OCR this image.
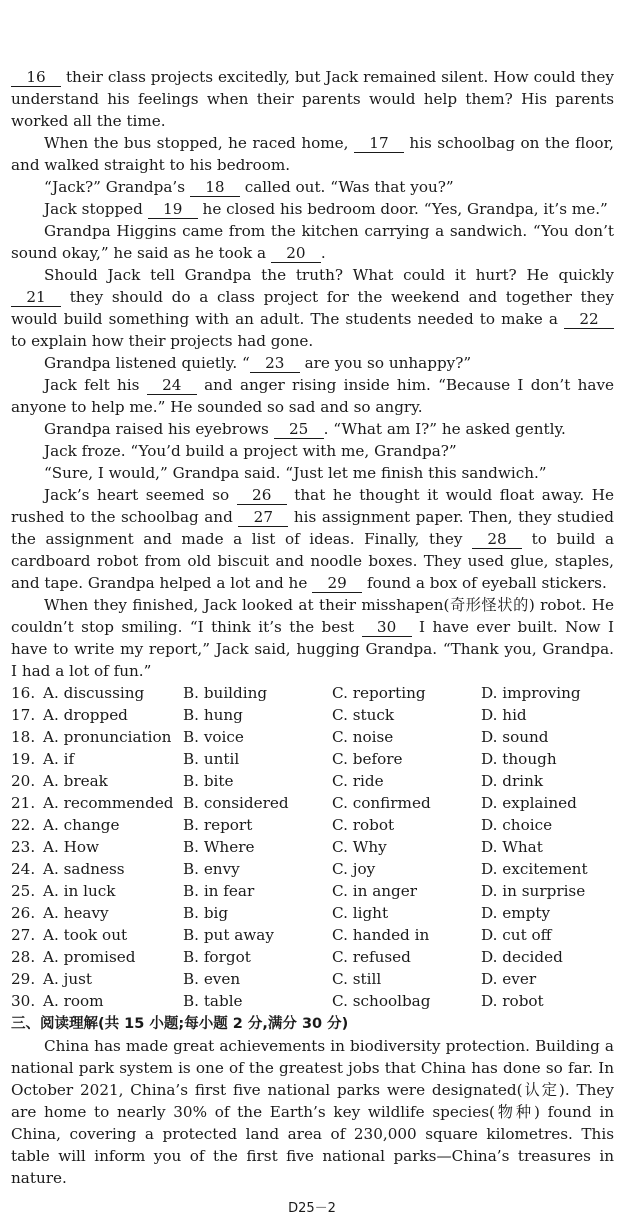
16 their class projects excitedly, but Jack remained silent. How could they understand his feelings when their parents would help them? His parents worked all the time.

When the bus stopped, he raced home, 17 his schoolbag on the floor, and walked straight to his bedroom.

“Jack?” Grandpa’s 18 called out. “Was that you?”

Jack stopped 19 he closed his bedroom door. “Yes, Grandpa, it’s me.”

Grandpa Higgins came from the kitchen carrying a sandwich. “You don’t sound okay,” he said as he took a 20 .

Should Jack tell Grandpa the truth? What could it hurt? He quickly 21 they should do a class project for the weekend and together they would build something with an adult. The students needed to make a 22 to explain how their projects had gone.

Grandpa listened quietly. “ 23 are you so unhappy?”

Jack felt his 24 and anger rising inside him. “Because I don’t have anyone to help me.” He sounded so sad and so angry.

Grandpa raised his eyebrows 25 . “What am I?” he asked gently.

Jack froze. “You’d build a project with me, Grandpa?”

“Sure, I would,” Grandpa said. “Just let me finish this sandwich.”

Jack’s heart seemed so 26 that he thought it would float away. He rushed to the schoolbag and 27 his assignment paper. Then, they studied the assignment and made a list of ideas. Finally, they 28 to build a cardboard robot from old biscuit and noodle boxes. They used glue, staples, and tape. Grandpa helped a lot and he 29 found a box of eyeball stickers.

When they finished, Jack looked at their misshapen(奇形怪状的) robot. He couldn’t stop smiling. “I think it’s the best 30 I have ever built. Now I have to write my report,” Jack said, hugging Grandpa. “Thank you, Grandpa. I had a lot of fun.”

16. A. discussing	B. building	C. reporting	D. improving
17. A. dropped	B. hung	C. stuck	D. hid
18. A. pronunciation B. voice	C. noise	D. sound
19. A. if	B. until	C. before	D. though
20. A. break	B. bite	C. ride	D. drink
21. A. recommended B. considered	C. confirmed	D. explained
22. A. change	B. report	C. robot	D. choice
23. A. How	B. Where	C. Why	D. What
24. A. sadness	B. envy	C. joy	D. excitement
25. A. in luck	B. in fear	C. in anger	D. in surprise
26. A. heavy	B. big	C. light	D. empty
27. A. took out	B. put away	C. handed in	D. cut off
28. A. promised	B. forgot	C. refused	D. decided
29. A. just	B. even	C. still	D. ever
30. A. room	B. table	C. schoolbag	D. robot
三、阅读理解(共 15 小题;每小题 2 分,满分 30 分)

China has made great achievements in biodiversity protection. Building a national park system is one of the greatest jobs that China has done so far. In October 2021, China’s first five national parks were designated(认定). They are home to nearly 30% of the Earth’s key wildlife species(物种) found in China, covering a protected land area of 230,000 square kilometres. This table will inform you of the first five national parks—China’s treasures in nature.

D25－2
